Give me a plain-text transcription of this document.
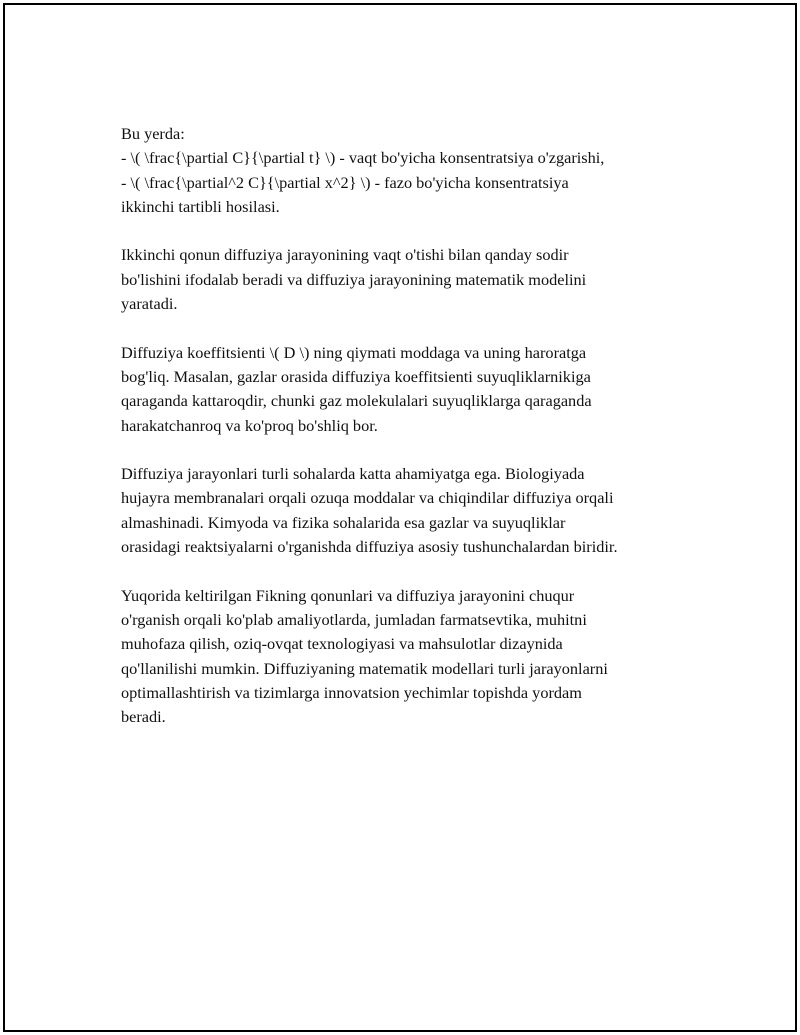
Bu yerda:
- \( \frac{\partial C}{\partial t} \) - vaqt bo'yicha konsentratsiya o'zgarishi,
- \( \frac{\partial^2 C}{\partial x^2} \) - fazo bo'yicha konsentratsiya
ikkinchi tartibli hosilasi.

Ikkinchi qonun diffuziya jarayonining vaqt o'tishi bilan qanday sodir
bo'lishini ifodalab beradi va diffuziya jarayonining matematik modelini
yaratadi.

Diffuziya koeffitsienti \( D \) ning qiymati moddaga va uning haroratga
bog'liq. Masalan, gazlar orasida diffuziya koeffitsienti suyuqliklarnikiga
qaraganda kattaroqdir, chunki gaz molekulalari suyuqliklarga qaraganda
harakatchanroq va ko'proq bo'shliq bor.

Diffuziya jarayonlari turli sohalarda katta ahamiyatga ega. Biologiyada
hujayra membranalari orqali ozuqa moddalar va chiqindilar diffuziya orqali
almashinadi. Kimyoda va fizika sohalarida esa gazlar va suyuqliklar
orasidagi reaktsiyalarni o'rganishda diffuziya asosiy tushunchalardan biridir.

Yuqorida keltirilgan Fikning qonunlari va diffuziya jarayonini chuqur
o'rganish orqali ko'plab amaliyotlarda, jumladan farmatsevtika, muhitni
muhofaza qilish, oziq-ovqat texnologiyasi va mahsulotlar dizaynida
qo'llanilishi mumkin. Diffuziyaning matematik modellari turli jarayonlarni
optimallashtirish va tizimlarga innovatsion yechimlar topishda yordam
beradi.
